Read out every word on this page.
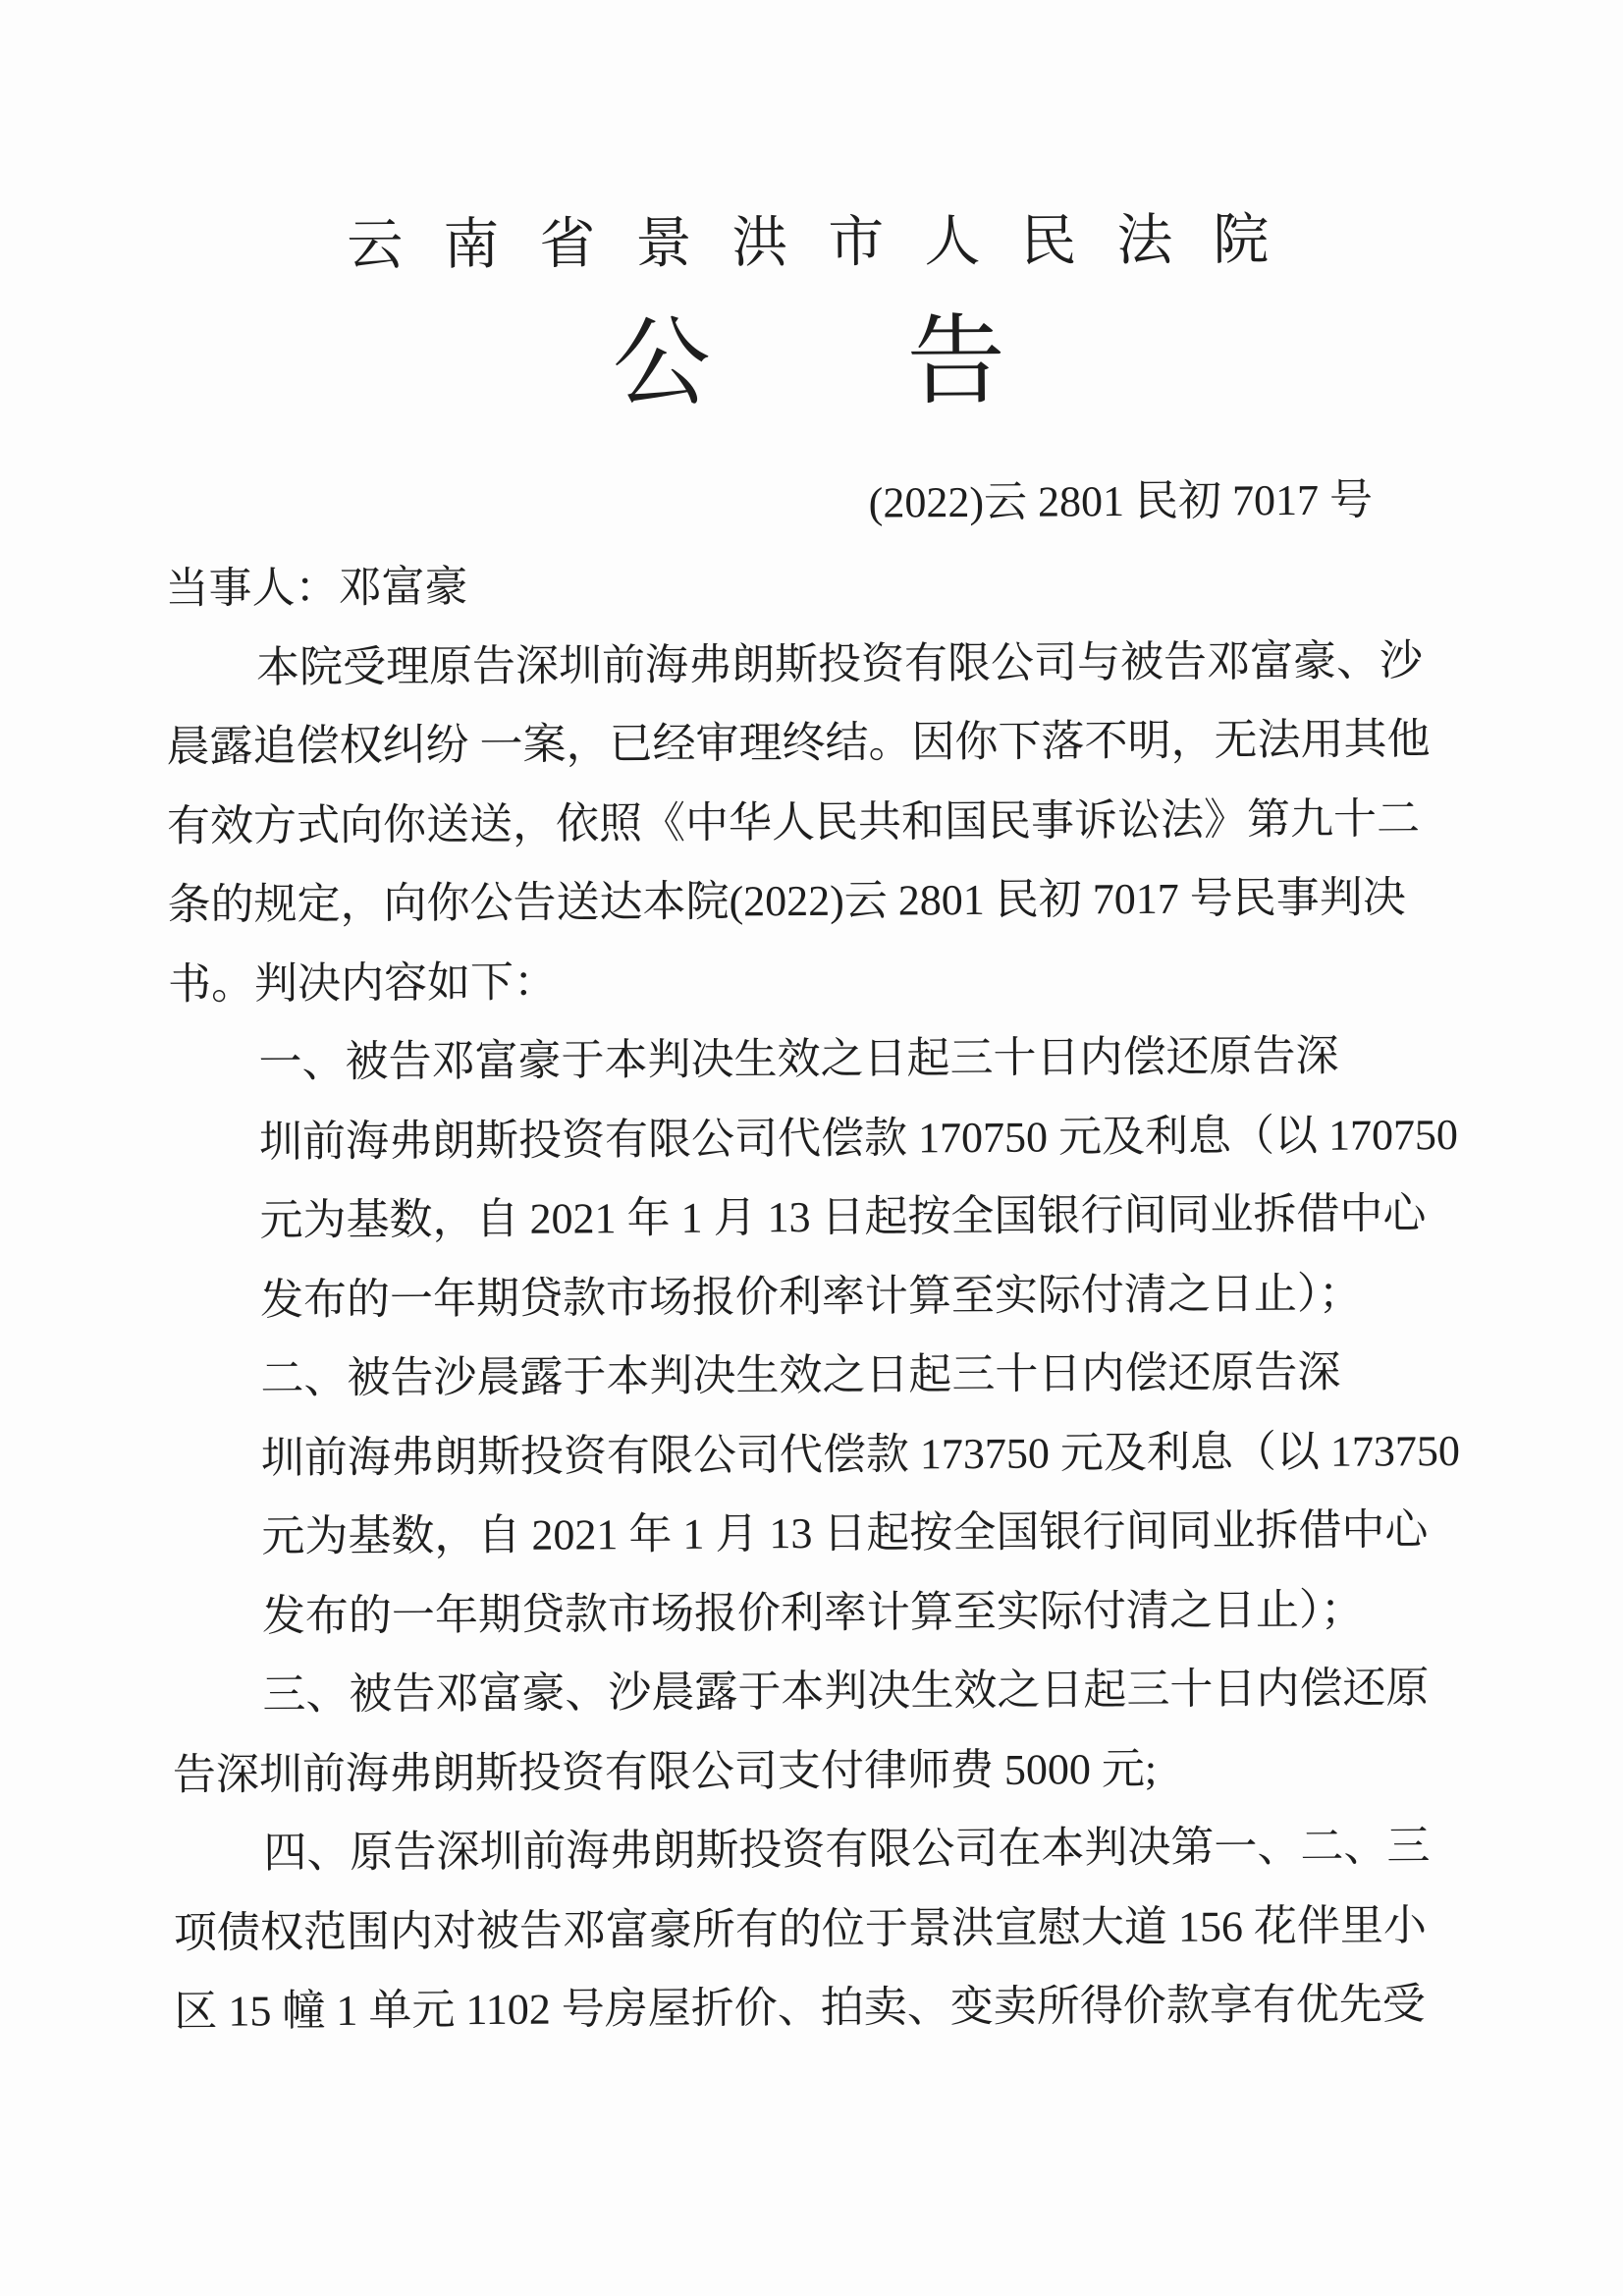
云南省景洪市人民法院
公　　告
(2022)云 2801 民初 7017 号
当事人：邓富豪
本院受理原告深圳前海弗朗斯投资有限公司与被告邓富豪、沙
晨露追偿权纠纷 一案，已经审理终结。因你下落不明，无法用其他
有效方式向你送送，依照《中华人民共和国民事诉讼法》第九十二
条的规定，向你公告送达本院(2022)云 2801 民初 7017 号民事判决
书。判决内容如下：
一、被告邓富豪于本判决生效之日起三十日内偿还原告深
圳前海弗朗斯投资有限公司代偿款 170750 元及利息（以 170750
元为基数，自 2021 年 1 月 13 日起按全国银行间同业拆借中心
发布的一年期贷款市场报价利率计算至实际付清之日止）；
二、被告沙晨露于本判决生效之日起三十日内偿还原告深
圳前海弗朗斯投资有限公司代偿款 173750 元及利息（以 173750
元为基数，自 2021 年 1 月 13 日起按全国银行间同业拆借中心
发布的一年期贷款市场报价利率计算至实际付清之日止）；
三、被告邓富豪、沙晨露于本判决生效之日起三十日内偿还原
告深圳前海弗朗斯投资有限公司支付律师费 5000 元;
四、原告深圳前海弗朗斯投资有限公司在本判决第一、二、三
项债权范围内对被告邓富豪所有的位于景洪宣慰大道 156 花伴里小
区 15 幢 1 单元 1102 号房屋折价、拍卖、变卖所得价款享有优先受
